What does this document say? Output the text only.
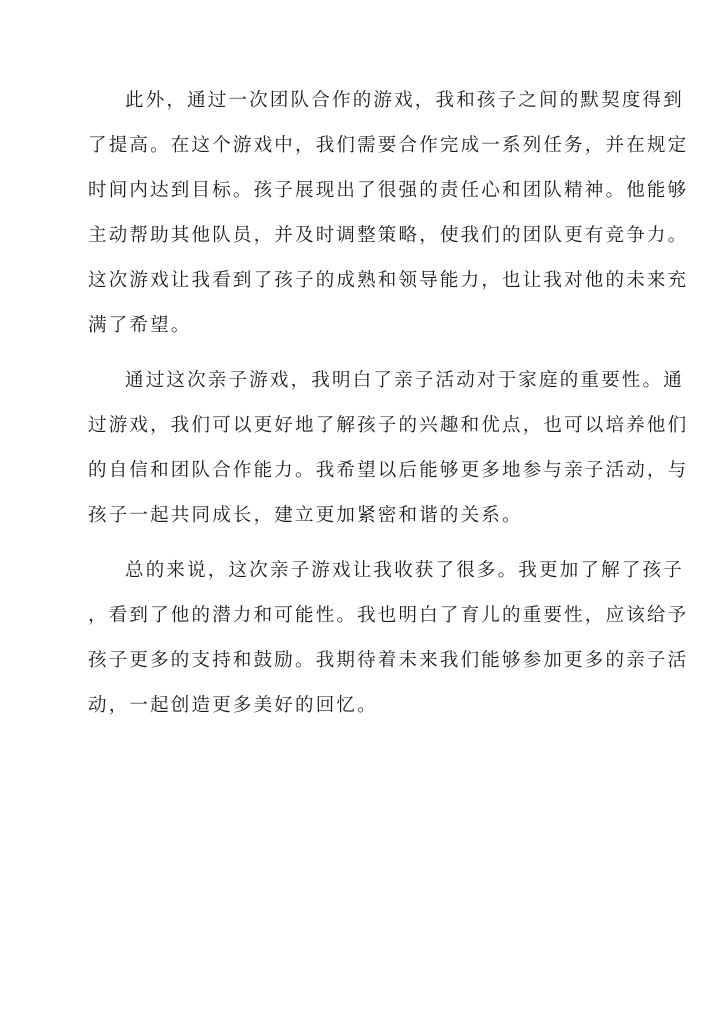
此外，通过一次团队合作的游戏，我和孩子之间的默契度得到
了提高。在这个游戏中，我们需要合作完成一系列任务，并在规定
时间内达到目标。孩子展现出了很强的责任心和团队精神。他能够
主动帮助其他队员，并及时调整策略，使我们的团队更有竞争力。
这次游戏让我看到了孩子的成熟和领导能力，也让我对他的未来充
满了希望。

通过这次亲子游戏，我明白了亲子活动对于家庭的重要性。通
过游戏，我们可以更好地了解孩子的兴趣和优点，也可以培养他们
的自信和团队合作能力。我希望以后能够更多地参与亲子活动，与
孩子一起共同成长，建立更加紧密和谐的关系。

总的来说，这次亲子游戏让我收获了很多。我更加了解了孩子
，看到了他的潜力和可能性。我也明白了育儿的重要性，应该给予
孩子更多的支持和鼓励。我期待着未来我们能够参加更多的亲子活
动，一起创造更多美好的回忆。
